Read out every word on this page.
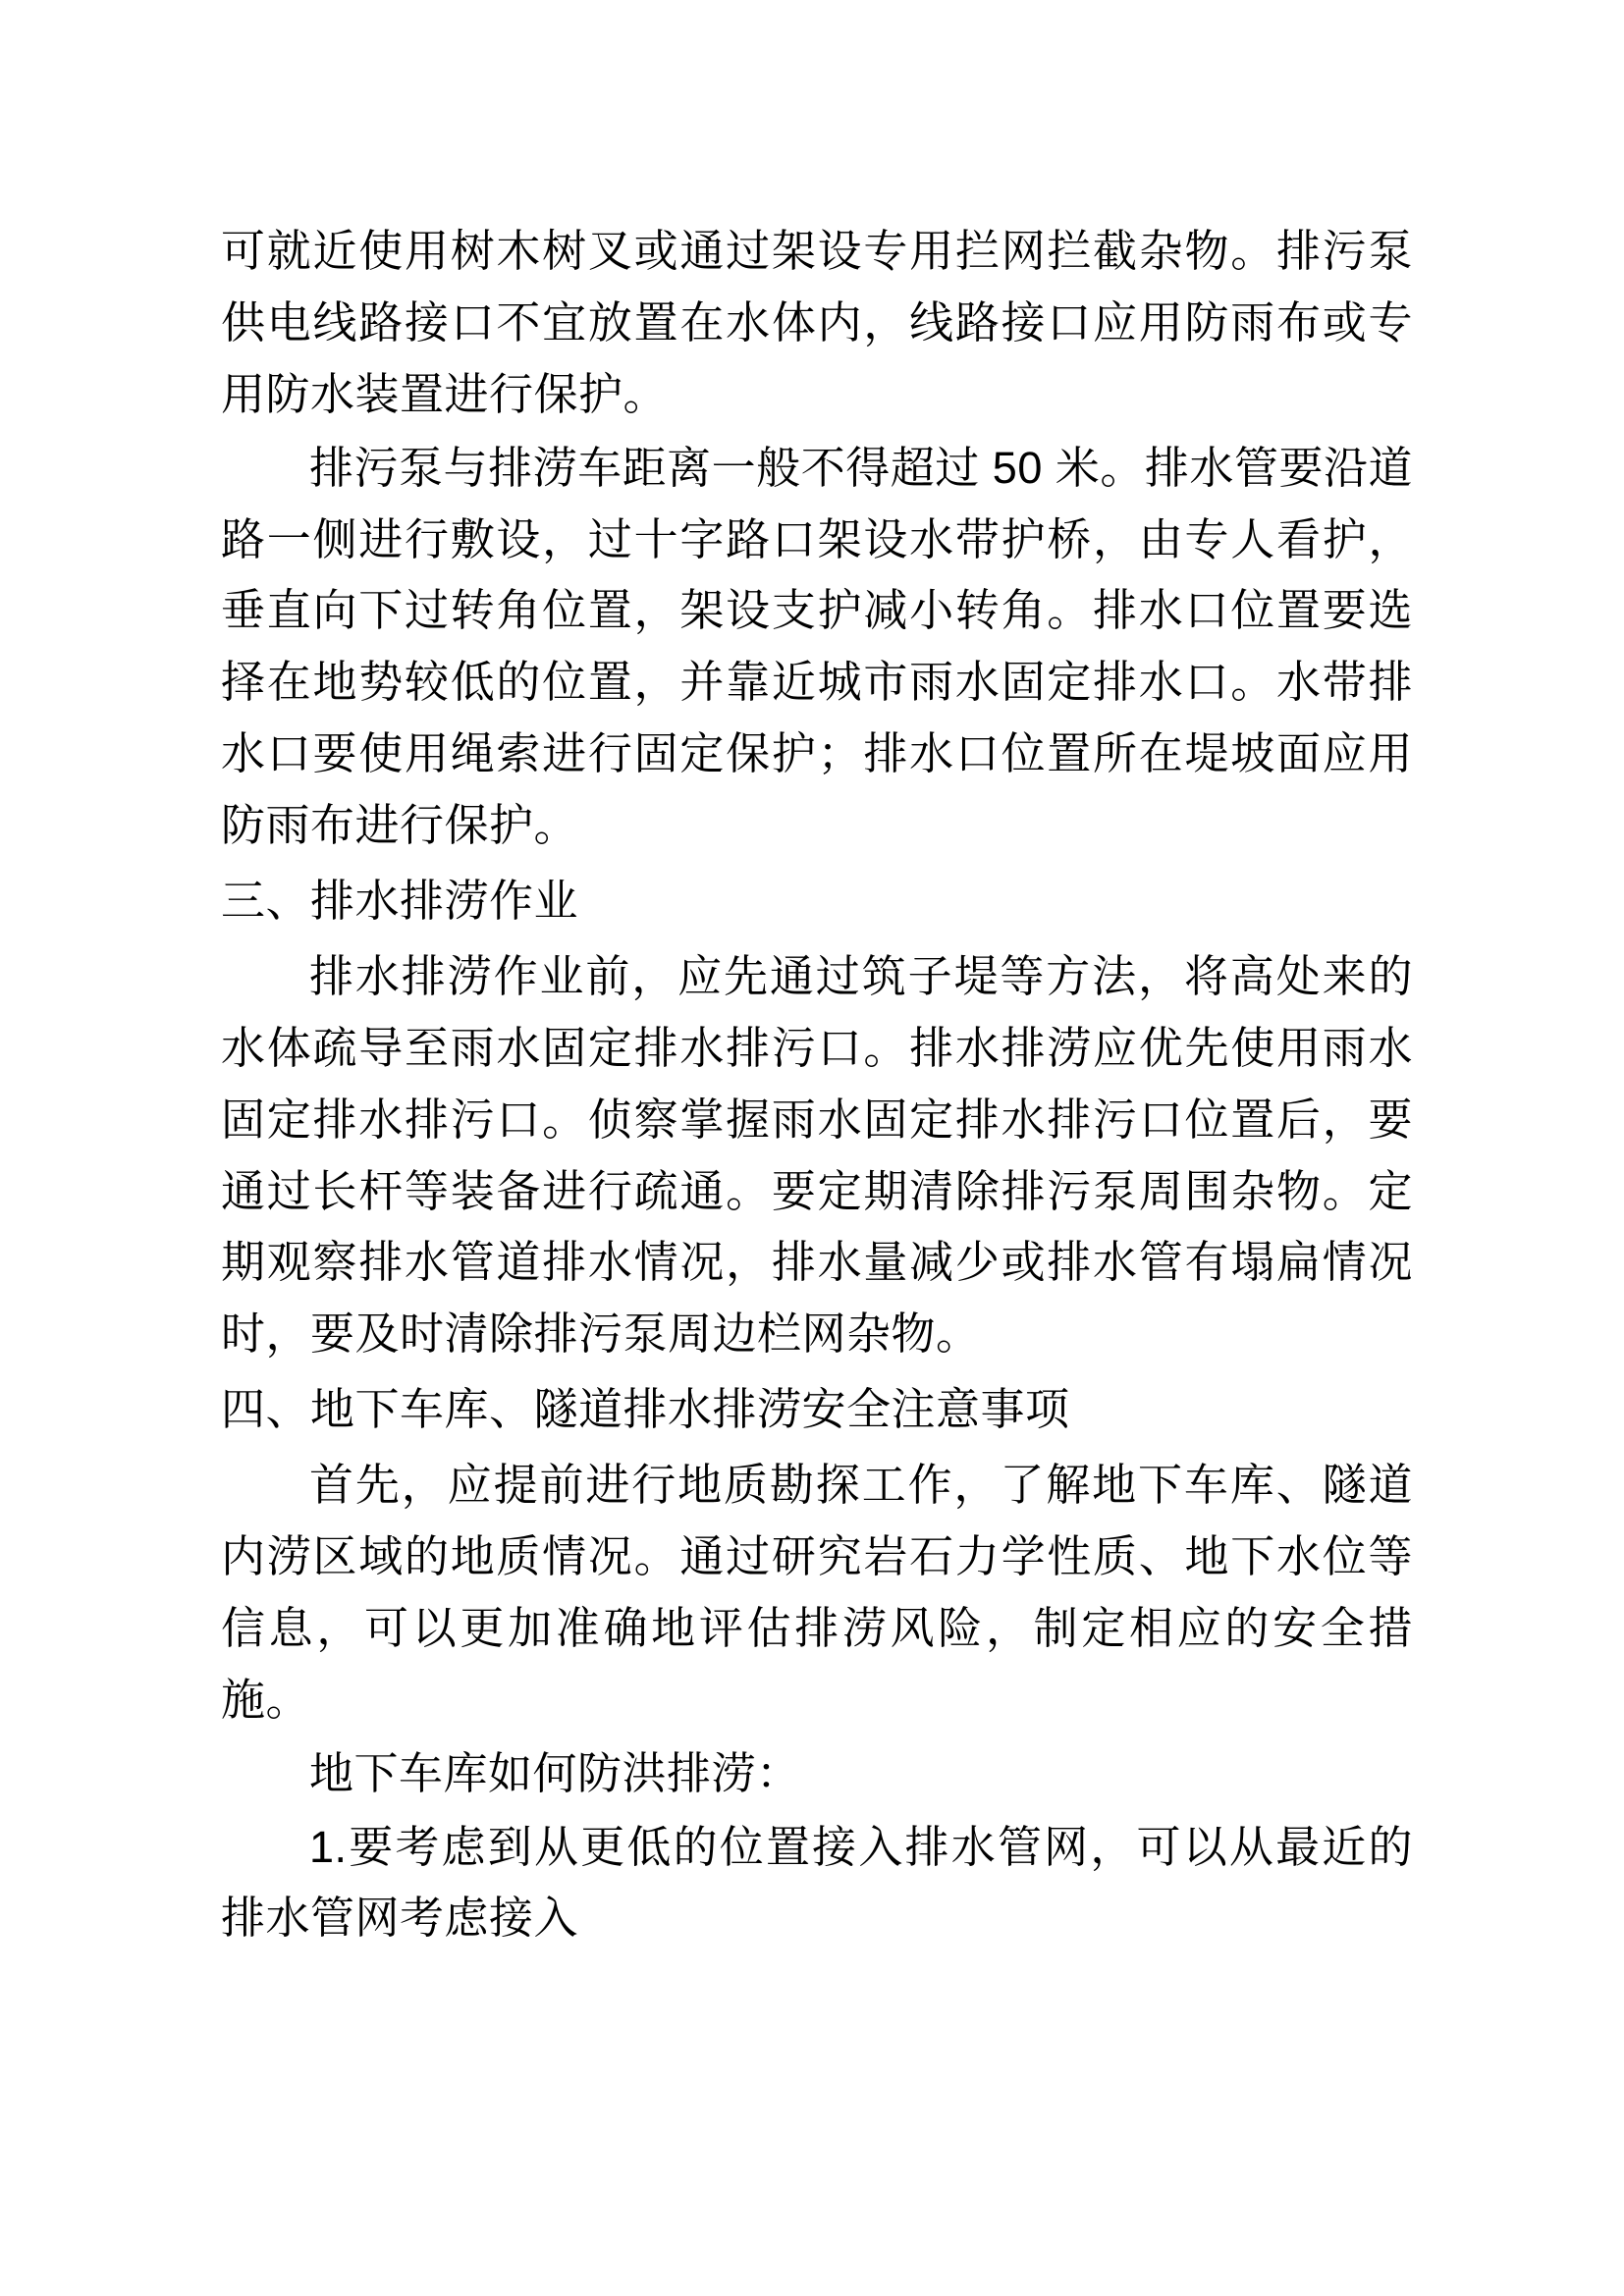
可就近使用树木树叉或通过架设专用拦网拦截杂物。排污泵供电线路接口不宜放置在水体内，线路接口应用防雨布或专用防水装置进行保护。

排污泵与排涝车距离一般不得超过 50 米。排水管要沿道路一侧进行敷设，过十字路口架设水带护桥，由专人看护，垂直向下过转角位置，架设支护减小转角。排水口位置要选择在地势较低的位置，并靠近城市雨水固定排水口。水带排水口要使用绳索进行固定保护；排水口位置所在堤坡面应用防雨布进行保护。

三、排水排涝作业

排水排涝作业前，应先通过筑子堤等方法，将高处来的水体疏导至雨水固定排水排污口。排水排涝应优先使用雨水固定排水排污口。侦察掌握雨水固定排水排污口位置后，要通过长杆等装备进行疏通。要定期清除排污泵周围杂物。定期观察排水管道排水情况，排水量减少或排水管有塌扁情况时，要及时清除排污泵周边栏网杂物。

四、地下车库、隧道排水排涝安全注意事项

首先，应提前进行地质勘探工作，了解地下车库、隧道内涝区域的地质情况。通过研究岩石力学性质、地下水位等信息，可以更加准确地评估排涝风险，制定相应的安全措施。

地下车库如何防洪排涝：

1.要考虑到从更低的位置接入排水管网，可以从最近的排水管网考虑接入
